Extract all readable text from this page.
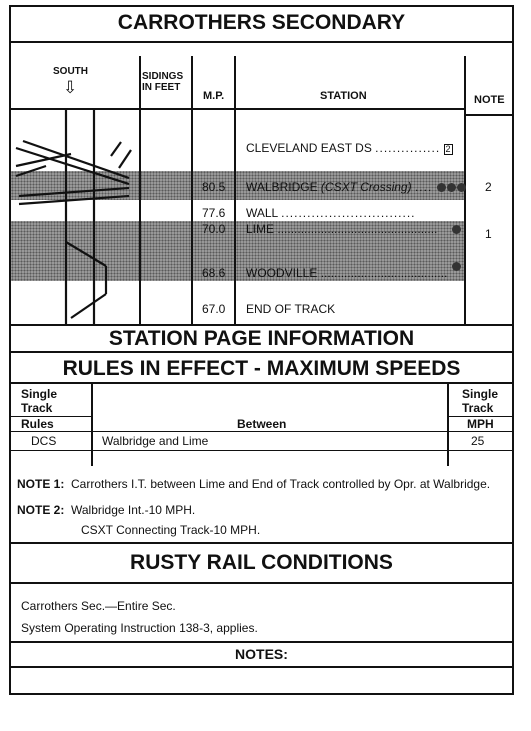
CARROTHERS SECONDARY
SOUTH
⇩
SIDINGS IN FEET
M.P.	STATION	NOTE
CLEVELAND EAST DS ............... 2
80.5 WALBRIDGE (CSXT Crossing) ....	2
77.6 WALL ...............................
70.0 LIME ................................................	1
68.6 WOODVILLE ......................................
67.0 END OF TRACK
STATION PAGE INFORMATION
RULES IN EFFECT - MAXIMUM SPEEDS
Single
Track
Rules	Between
Single
Track
MPH
DCS	Walbridge and Lime	25
NOTE 1: Carrothers I.T. between Lime and End of Track controlled by Opr. at Walbridge.
NOTE 2: Walbridge Int.-10 MPH.
CSXT Connecting Track-10 MPH.
RUSTY RAIL CONDITIONS
Carrothers Sec.—Entire Sec.
System Operating Instruction 138-3, applies.
NOTES:
